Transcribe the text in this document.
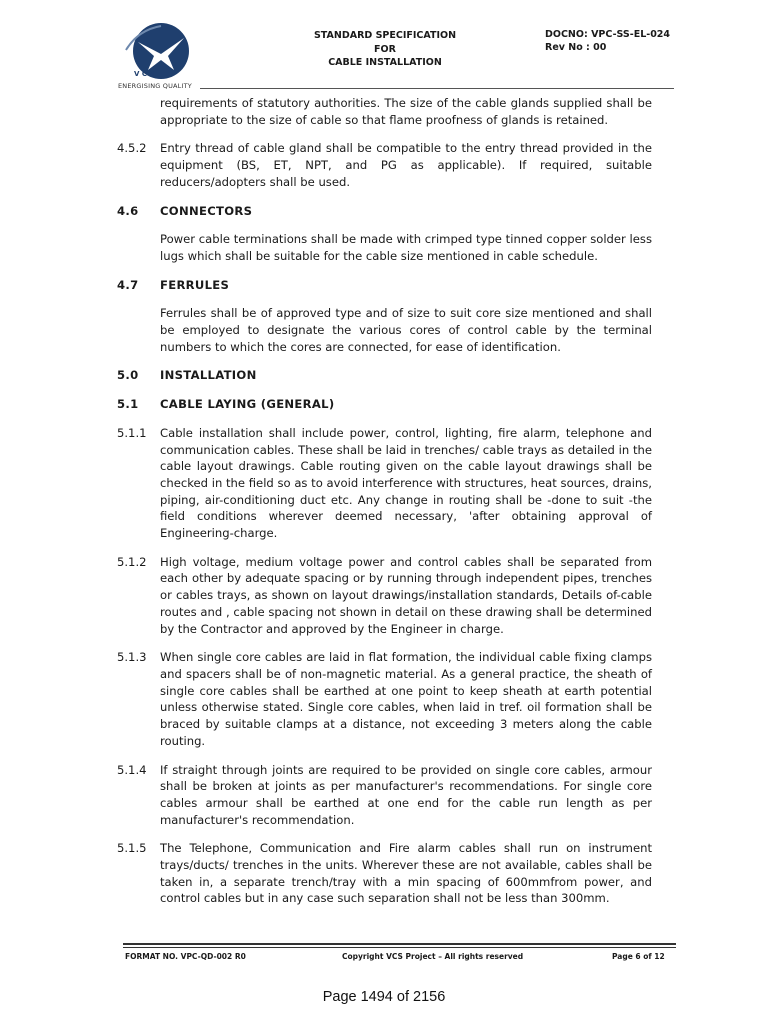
V C S
ENERGISING QUALITY
STANDARD SPECIFICATION
FOR
CABLE INSTALLATION
DOCNO: VPC-SS-EL-024
Rev No : 00

requirements of statutory authorities. The size of the cable glands supplied shall be appropriate to the size of cable so that flame proofness of glands is retained.

4.5.2 Entry thread of cable gland shall be compatible to the entry thread provided in the equipment (BS, ET, NPT, and PG as applicable). If required, suitable reducers/adopters shall be used.
4.6 CONNECTORS

Power cable terminations shall be made with crimped type tinned copper solder less lugs which shall be suitable for the cable size mentioned in cable schedule.

4.7 FERRULES

Ferrules shall be of approved type and of size to suit core size mentioned and shall be employed to designate the various cores of control cable by the terminal numbers to which the cores are connected, for ease of identification.

5.0 INSTALLATION
5.1 CABLE LAYING (GENERAL)
5.1.1 Cable installation shall include power, control, lighting, fire alarm, telephone and communication cables. These shall be laid in trenches/ cable trays as detailed in the cable layout drawings. Cable routing given on the cable layout drawings shall be checked in the field so as to avoid interference with structures, heat sources, drains, piping, air-conditioning duct etc. Any change in routing shall be -done to suit -the field conditions wherever deemed necessary, 'after obtaining approval of Engineering-charge.
5.1.2 High voltage, medium voltage power and control cables shall be separated from each other by adequate spacing or by running through independent pipes, trenches or cables trays, as shown on layout drawings/installation standards, Details of-cable routes and , cable spacing not shown in detail on these drawing shall be determined by the Contractor and approved by the Engineer in charge.
5.1.3 When single core cables are laid in flat formation, the individual cable fixing clamps and spacers shall be of non-magnetic material. As a general practice, the sheath of single core cables shall be earthed at one point to keep sheath at earth potential unless otherwise stated. Single core cables, when laid in tref. oil formation shall be braced by suitable clamps at a distance, not exceeding 3 meters along the cable routing.
5.1.4 If straight through joints are required to be provided on single core cables, armour shall be broken at joints as per manufacturer's recommendations. For single core cables armour shall be earthed at one end for the cable run length as per manufacturer's recommendation.
5.1.5 The Telephone, Communication and Fire alarm cables shall run on instrument trays/ducts/ trenches in the units. Wherever these are not available, cables shall be taken in, a separate trench/tray with a min spacing of 600mmfrom power, and control cables but in any case such separation shall not be less than 300mm.
FORMAT NO. VPC-QD-002 R0	Copyright VCS Project – All rights reserved	Page 6 of 12
Page 1494 of 2156
